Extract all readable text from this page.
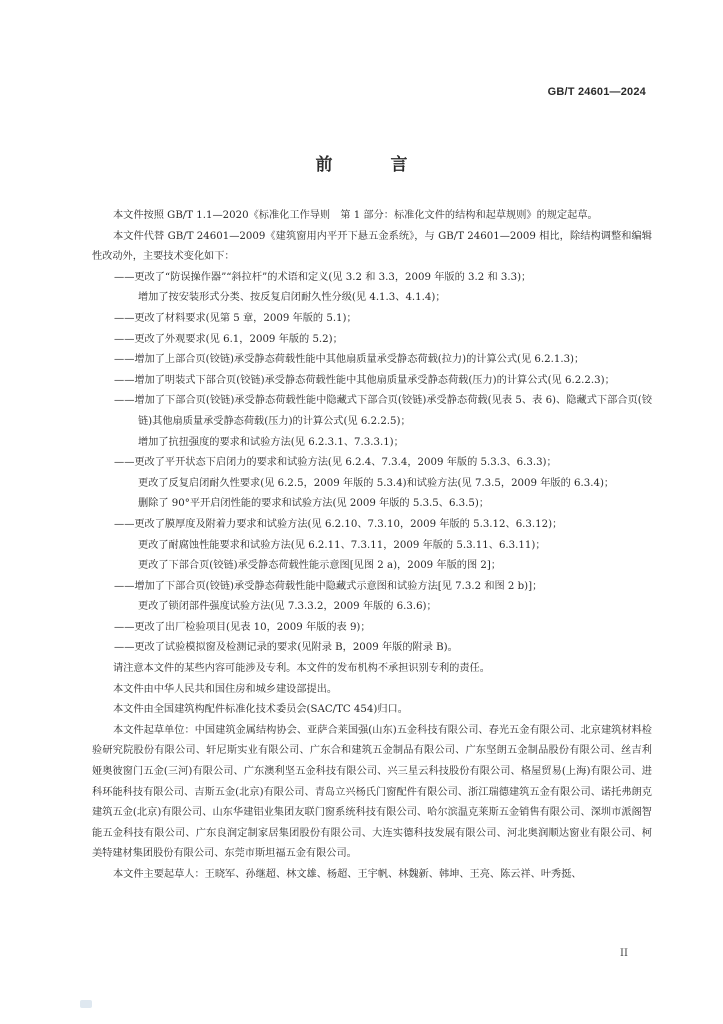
GB/T 24601—2024
前 言

本文件按照 GB/T 1.1—2020《标准化工作导则　第 1 部分：标准化文件的结构和起草规则》的规定起草。

本文件代替 GB/T 24601—2009《建筑窗用内平开下悬五金系统》，与 GB/T 24601—2009 相比，除结构调整和编辑性改动外，主要技术变化如下：

——更改了“防误操作器”“斜拉杆”的术语和定义(见 3.2 和 3.3，2009 年版的 3.2 和 3.3)；

增加了按安装形式分类、按反复启闭耐久性分级(见 4.1.3、4.1.4)；

——更改了材料要求(见第 5 章，2009 年版的 5.1)；

——更改了外观要求(见 6.1，2009 年版的 5.2)；

——增加了上部合页(铰链)承受静态荷载性能中其他扇质量承受静态荷载(拉力)的计算公式(见 6.2.1.3)；

——增加了明装式下部合页(铰链)承受静态荷载性能中其他扇质量承受静态荷载(压力)的计算公式(见 6.2.2.3)；

——增加了下部合页(铰链)承受静态荷载性能中隐藏式下部合页(铰链)承受静态荷载(见表 5、表 6)、隐藏式下部合页(铰链)其他扇质量承受静态荷载(压力)的计算公式(见 6.2.2.5)；

增加了抗扭强度的要求和试验方法(见 6.2.3.1、7.3.3.1)；

——更改了平开状态下启闭力的要求和试验方法(见 6.2.4、7.3.4，2009 年版的 5.3.3、6.3.3)；

更改了反复启闭耐久性要求(见 6.2.5，2009 年版的 5.3.4)和试验方法(见 7.3.5，2009 年版的 6.3.4)；

删除了 90°平开启闭性能的要求和试验方法(见 2009 年版的 5.3.5、6.3.5)；

——更改了膜厚度及附着力要求和试验方法(见 6.2.10、7.3.10，2009 年版的 5.3.12、6.3.12)；

更改了耐腐蚀性能要求和试验方法(见 6.2.11、7.3.11，2009 年版的 5.3.11、6.3.11)；

更改了下部合页(铰链)承受静态荷载性能示意图[见图 2 a)，2009 年版的图 2]；

——增加了下部合页(铰链)承受静态荷载性能中隐藏式示意图和试验方法[见 7.3.2 和图 2 b)]；

更改了锁闭部件强度试验方法(见 7.3.3.2，2009 年版的 6.3.6)；

——更改了出厂检验项目(见表 10，2009 年版的表 9)；

——更改了试验模拟窗及检测记录的要求(见附录 B，2009 年版的附录 B)。

请注意本文件的某些内容可能涉及专利。本文件的发布机构不承担识别专利的责任。

本文件由中华人民共和国住房和城乡建设部提出。

本文件由全国建筑构配件标准化技术委员会(SAC/TC 454)归口。

本文件起草单位：中国建筑金属结构协会、亚萨合莱国强(山东)五金科技有限公司、春光五金有限公司、北京建筑材料检验研究院股份有限公司、轩尼斯实业有限公司、广东合和建筑五金制品有限公司、广东坚朗五金制品股份有限公司、丝吉利娅奥彼窗门五金(三河)有限公司、广东澳利坚五金科技有限公司、兴三星云科技股份有限公司、格屋贸易(上海)有限公司、进科环能科技有限公司、吉斯五金(北京)有限公司、青岛立兴杨氏门窗配件有限公司、浙江瑞德建筑五金有限公司、诺托弗朗克建筑五金(北京)有限公司、山东华建铝业集团友联门窗系统科技有限公司、哈尔滨温克莱斯五金销售有限公司、深圳市派阁智能五金科技有限公司、广东良润定制家居集团股份有限公司、大连实德科技发展有限公司、河北奥润顺达窗业有限公司、柯美特建材集团股份有限公司、东莞市斯坦福五金有限公司。

本文件主要起草人：王晓军、孙继超、林文雄、杨超、王宇帆、林魏新、韩坤、王亮、陈云祥、叶秀挺、

II
